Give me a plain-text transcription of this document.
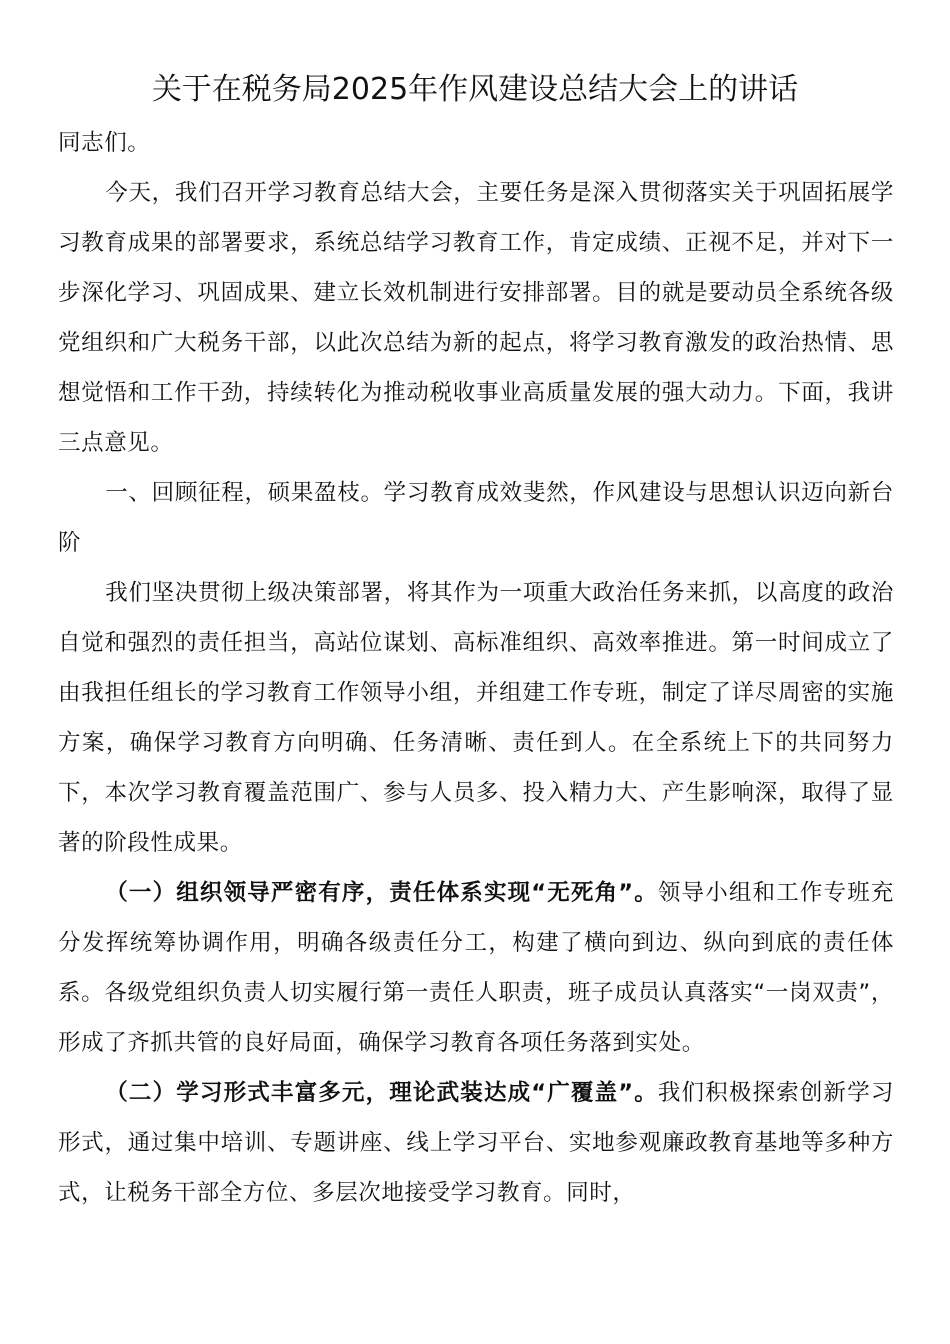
关于在税务局2025年作风建设总结大会上的讲话

同志们。

今天，我们召开学习教育总结大会，主要任务是深入贯彻落实关于巩固拓展学习教育成果的部署要求，系统总结学习教育工作，肯定成绩、正视不足，并对下一步深化学习、巩固成果、建立长效机制进行安排部署。目的就是要动员全系统各级党组织和广大税务干部，以此次总结为新的起点，将学习教育激发的政治热情、思想觉悟和工作干劲，持续转化为推动税收事业高质量发展的强大动力。下面，我讲三点意见。

一、回顾征程，硕果盈枝。学习教育成效斐然，作风建设与思想认识迈向新台阶

我们坚决贯彻上级决策部署，将其作为一项重大政治任务来抓，以高度的政治自觉和强烈的责任担当，高站位谋划、高标准组织、高效率推进。第一时间成立了由我担任组长的学习教育工作领导小组，并组建工作专班，制定了详尽周密的实施方案，确保学习教育方向明确、任务清晰、责任到人。在全系统上下的共同努力下，本次学习教育覆盖范围广、参与人员多、投入精力大、产生影响深，取得了显著的阶段性成果。

（一）组织领导严密有序，责任体系实现“无死角”。领导小组和工作专班充分发挥统筹协调作用，明确各级责任分工，构建了横向到边、纵向到底的责任体系。各级党组织负责人切实履行第一责任人职责，班子成员认真落实“一岗双责”，形成了齐抓共管的良好局面，确保学习教育各项任务落到实处。

（二）学习形式丰富多元，理论武装达成“广覆盖”。我们积极探索创新学习形式，通过集中培训、专题讲座、线上学习平台、实地参观廉政教育基地等多种方式，让税务干部全方位、多层次地接受学习教育。同时，
